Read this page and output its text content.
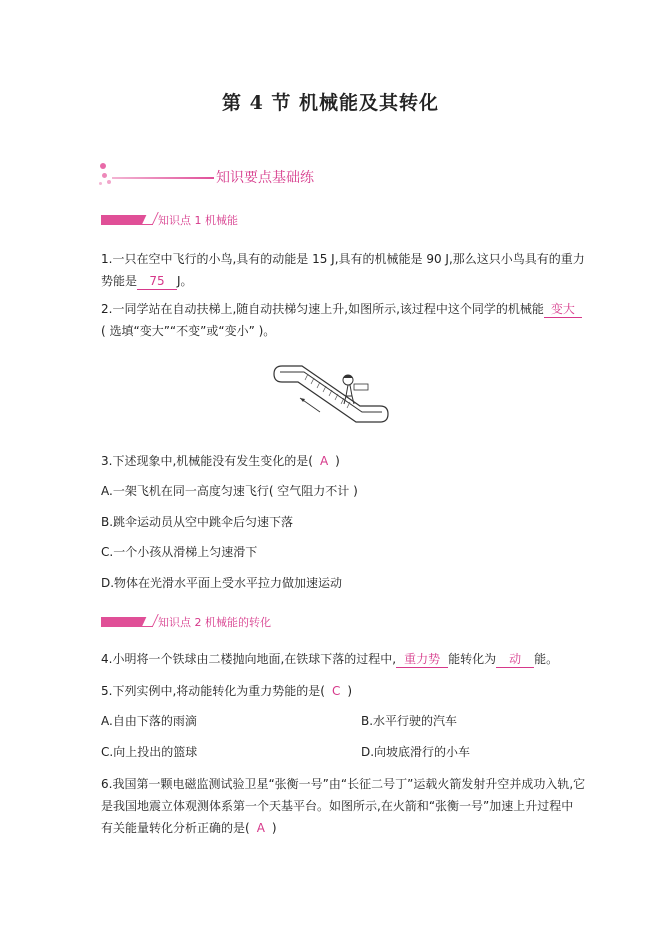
第 4 节 机械能及其转化
知识要点基础练
知识点 1 机械能
1.一只在空中飞行的小鸟,具有的动能是 15 J,具有的机械能是 90 J,那么这只小鸟具有的重力
势能是 75 J。
2.一同学站在自动扶梯上,随自动扶梯匀速上升,如图所示,该过程中这个同学的机械能 变大
( 选填“变大”“不变”或“变小” )。
3.下述现象中,机械能没有发生变化的是( A )
A.一架飞机在同一高度匀速飞行( 空气阻力不计 )
B.跳伞运动员从空中跳伞后匀速下落
C.一个小孩从滑梯上匀速滑下
D.物体在光滑水平面上受水平拉力做加速运动
知识点 2 机械能的转化
4.小明将一个铁球由二楼抛向地面,在铁球下落的过程中, 重力势 能转化为 动 能。
5.下列实例中,将动能转化为重力势能的是( C )
A.自由下落的雨滴	B.水平行驶的汽车
C.向上投出的篮球	D.向坡底滑行的小车
6.我国第一颗电磁监测试验卫星“张衡一号”由“长征二号丁”运载火箭发射升空并成功入轨,它
是我国地震立体观测体系第一个天基平台。如图所示,在火箭和“张衡一号”加速上升过程中
有关能量转化分析正确的是( A )
